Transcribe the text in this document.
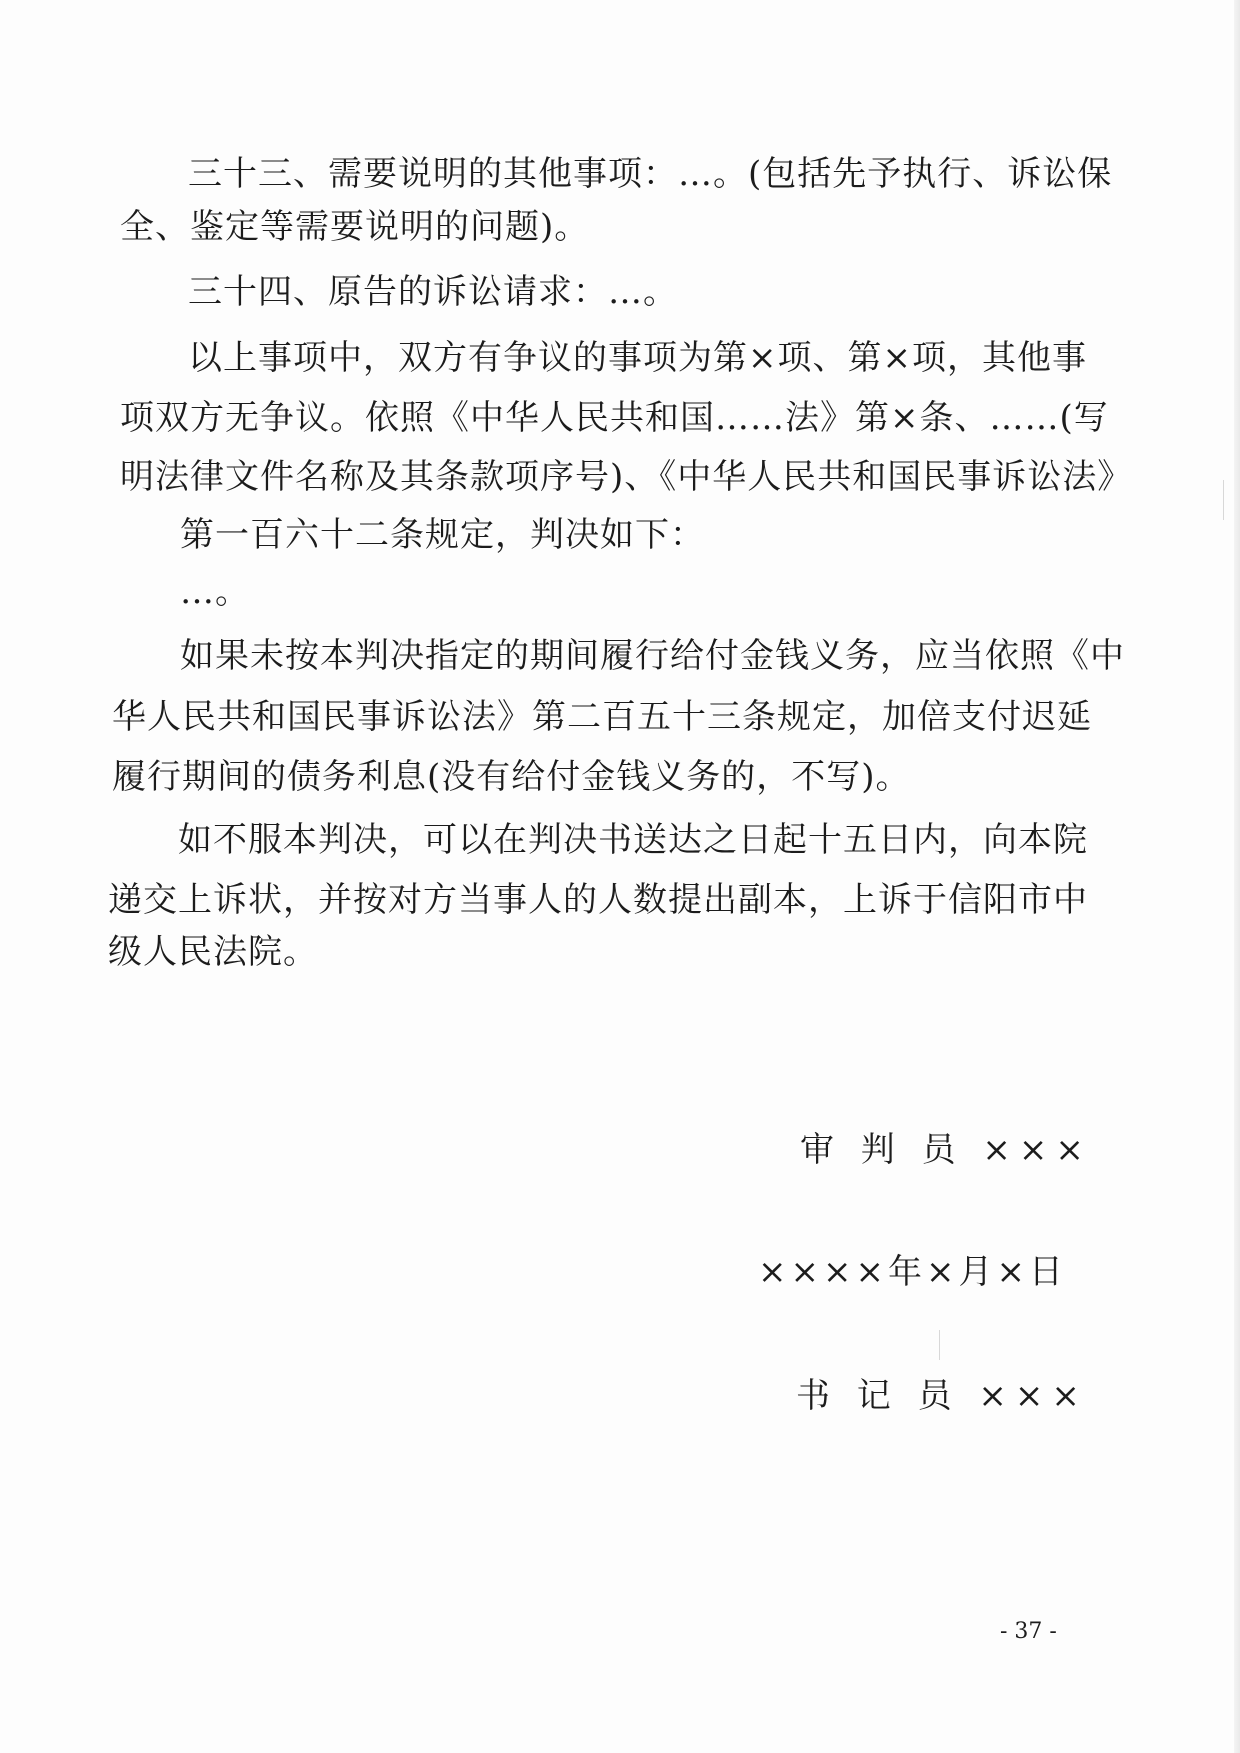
三十三、需要说明的其他事项：…。(包括先予执行、诉讼保
全、鉴定等需要说明的问题)。
三十四、原告的诉讼请求：…。
以上事项中，双方有争议的事项为第×项、第×项，其他事
项双方无争议。依照《中华人民共和国……法》第×条、……(写
明法律文件名称及其条款项序号)、《中华人民共和国民事诉讼法》
第一百六十二条规定，判决如下：
…。
如果未按本判决指定的期间履行给付金钱义务，应当依照《中
华人民共和国民事诉讼法》第二百五十三条规定，加倍支付迟延
履行期间的债务利息(没有给付金钱义务的，不写)。
如不服本判决，可以在判决书送达之日起十五日内，向本院
递交上诉状，并按对方当事人的人数提出副本，上诉于信阳市中
级人民法院。
审 判 员 ×××
××××年×月×日
书 记 员 ×××
- 37 -
